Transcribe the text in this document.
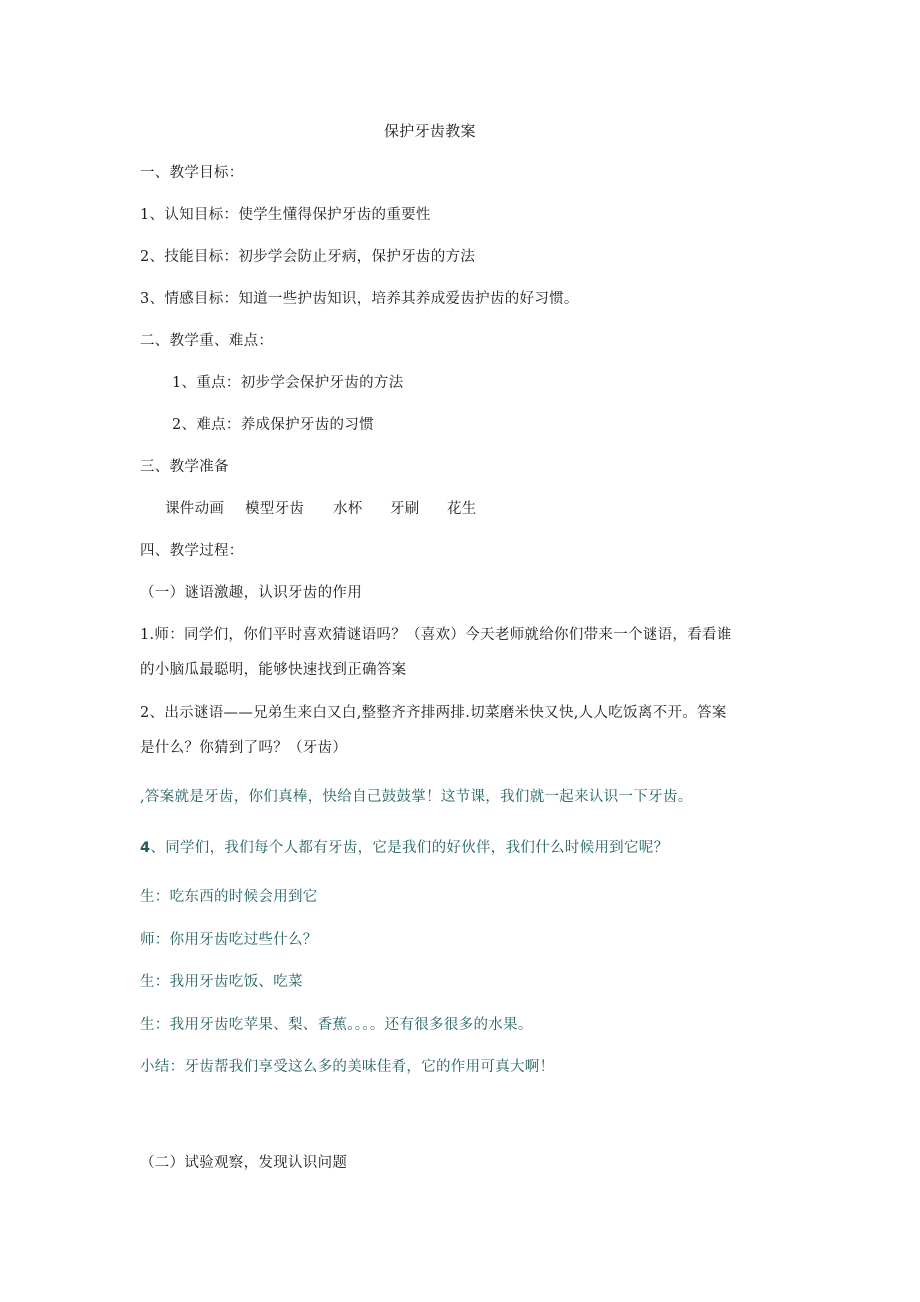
保护牙齿教案
一、教学目标：
1、认知目标：使学生懂得保护牙齿的重要性
2、技能目标：初步学会防止牙病，保护牙齿的方法
3、情感目标：知道一些护齿知识，培养其养成爱齿护齿的好习惯。
二、教学重、难点：
1、重点：初步学会保护牙齿的方法
2、难点：养成保护牙齿的习惯
三、教学准备
课件动画 模型牙齿 水杯 牙刷 花生
四、教学过程：
（一）谜语激趣，认识牙齿的作用
1.师：同学们，你们平时喜欢猜谜语吗？（喜欢）今天老师就给你们带来一个谜语，看看谁
的小脑瓜最聪明，能够快速找到正确答案
2、出示谜语——兄弟生来白又白,整整齐齐排两排.切菜磨米快又快,人人吃饭离不开。答案
是什么？你猜到了吗？（牙齿）
,答案就是牙齿，你们真棒，快给自己鼓鼓掌！这节课，我们就一起来认识一下牙齿。
4、同学们，我们每个人都有牙齿，它是我们的好伙伴，我们什么时候用到它呢？
生：吃东西的时候会用到它
师：你用牙齿吃过些什么？
生：我用牙齿吃饭、吃菜
生：我用牙齿吃苹果、梨、香蕉。。。。还有很多很多的水果。
小结：牙齿帮我们享受这么多的美味佳肴，它的作用可真大啊！
（二）试验观察，发现认识问题
